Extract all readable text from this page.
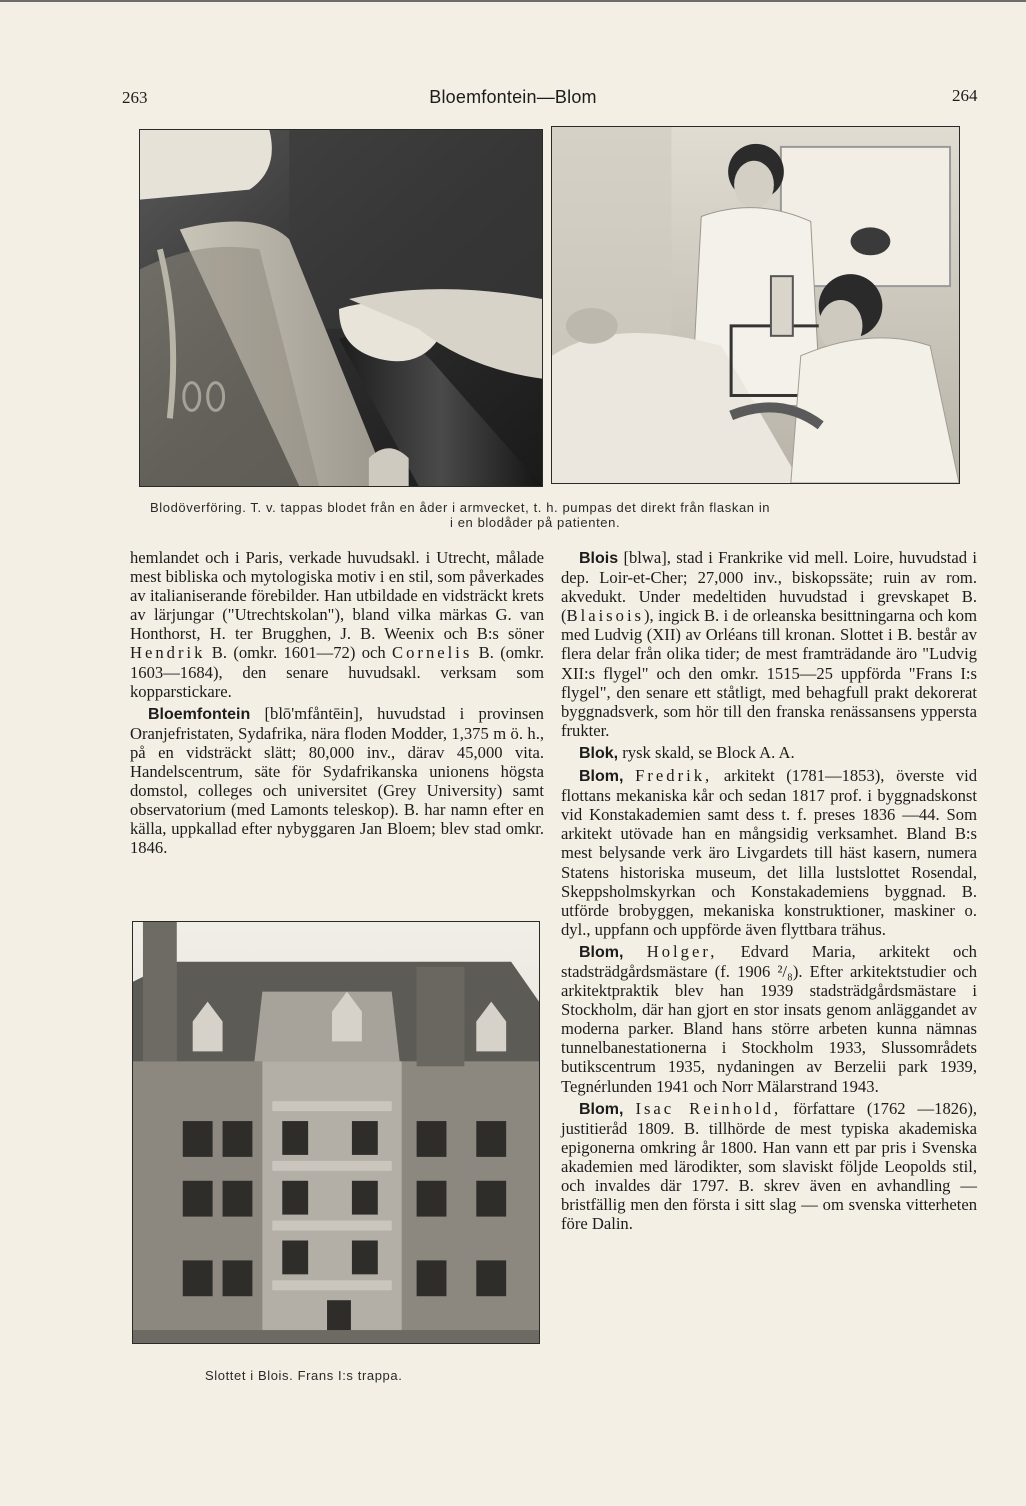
263	Bloemfontein—Blom	264
Blodöverföring. T. v. tappas blodet från en åder i armvecket, t. h. pumpas det direkt från flaskan in
i en blodåder på patienten.

hemlandet och i Paris, verkade huvudsakl. i Utrecht, målade mest bibliska och mytologiska motiv i en stil, som påverkades av italianiserande förebilder. Han utbildade en vidsträckt krets av lärjungar ("Utrechtskolan"), bland vilka märkas G. van Honthorst, H. ter Brugghen, J. B. Weenix och B:s söner Hendrik B. (omkr. 1601—72) och Cornelis B. (omkr. 1603—1684), den senare huvudsakl. verksam som kopparstickare.

Bloemfontein [blō'mfåntēin], huvudstad i provinsen Oranjefristaten, Sydafrika, nära floden Modder, 1,375 m ö. h., på en vidsträckt slätt; 80,000 inv., därav 45,000 vita. Handelscentrum, säte för Sydafrikanska unionens högsta domstol, colleges och universitet (Grey University) samt observatorium (med Lamonts teleskop). B. har namn efter en källa, uppkallad efter nybyggaren Jan Bloem; blev stad omkr. 1846.

Slottet i Blois. Frans I:s trappa.

Blois [blwa], stad i Frankrike vid mell. Loire, huvudstad i dep. Loir-et-Cher; 27,000 inv., biskopssäte; ruin av rom. akvedukt. Under medeltiden huvudstad i grevskapet B. (Blaisois), ingick B. i de orleanska besittningarna och kom med Ludvig (XII) av Orléans till kronan. Slottet i B. består av flera delar från olika tider; de mest framträdande äro "Ludvig XII:s flygel" och den omkr. 1515—25 uppförda "Frans I:s flygel", den senare ett ståtligt, med behagfull prakt dekorerat byggnadsverk, som hör till den franska renässansens yppersta frukter.

Blok, rysk skald, se Block A. A.

Blom, Fredrik, arkitekt (1781—1853), överste vid flottans mekaniska kår och sedan 1817 prof. i byggnadskonst vid Konstakademien samt dess t. f. preses 1836 —44. Som arkitekt utövade han en mångsidig verksamhet. Bland B:s mest belysande verk äro Livgardets till häst kasern, numera Statens historiska museum, det lilla lustslottet Rosendal, Skeppsholmskyrkan och Konstakademiens byggnad. B. utförde brobyggen, mekaniska konstruktioner, maskiner o. dyl., uppfann och uppförde även flyttbara trähus.

Blom, Holger, Edvard Maria, arkitekt och stadsträdgårdsmästare (f. 1906 ²/₈). Efter arkitektstudier och arkitektpraktik blev han 1939 stadsträdgårdsmästare i Stockholm, där han gjort en stor insats genom anläggandet av moderna parker. Bland hans större arbeten kunna nämnas tunnelbanestationerna i Stockholm 1933, Slussområdets butikscentrum 1935, nydaningen av Berzelii park 1939, Tegnérlunden 1941 och Norr Mälarstrand 1943.

Blom, Isac Reinhold, författare (1762 —1826), justitieråd 1809. B. tillhörde de mest typiska akademiska epigonerna omkring år 1800. Han vann ett par pris i Svenska akademien med lärodikter, som slaviskt följde Leopolds stil, och invaldes där 1797. B. skrev även en avhandling — bristfällig men den första i sitt slag — om svenska vitterheten före Dalin.
